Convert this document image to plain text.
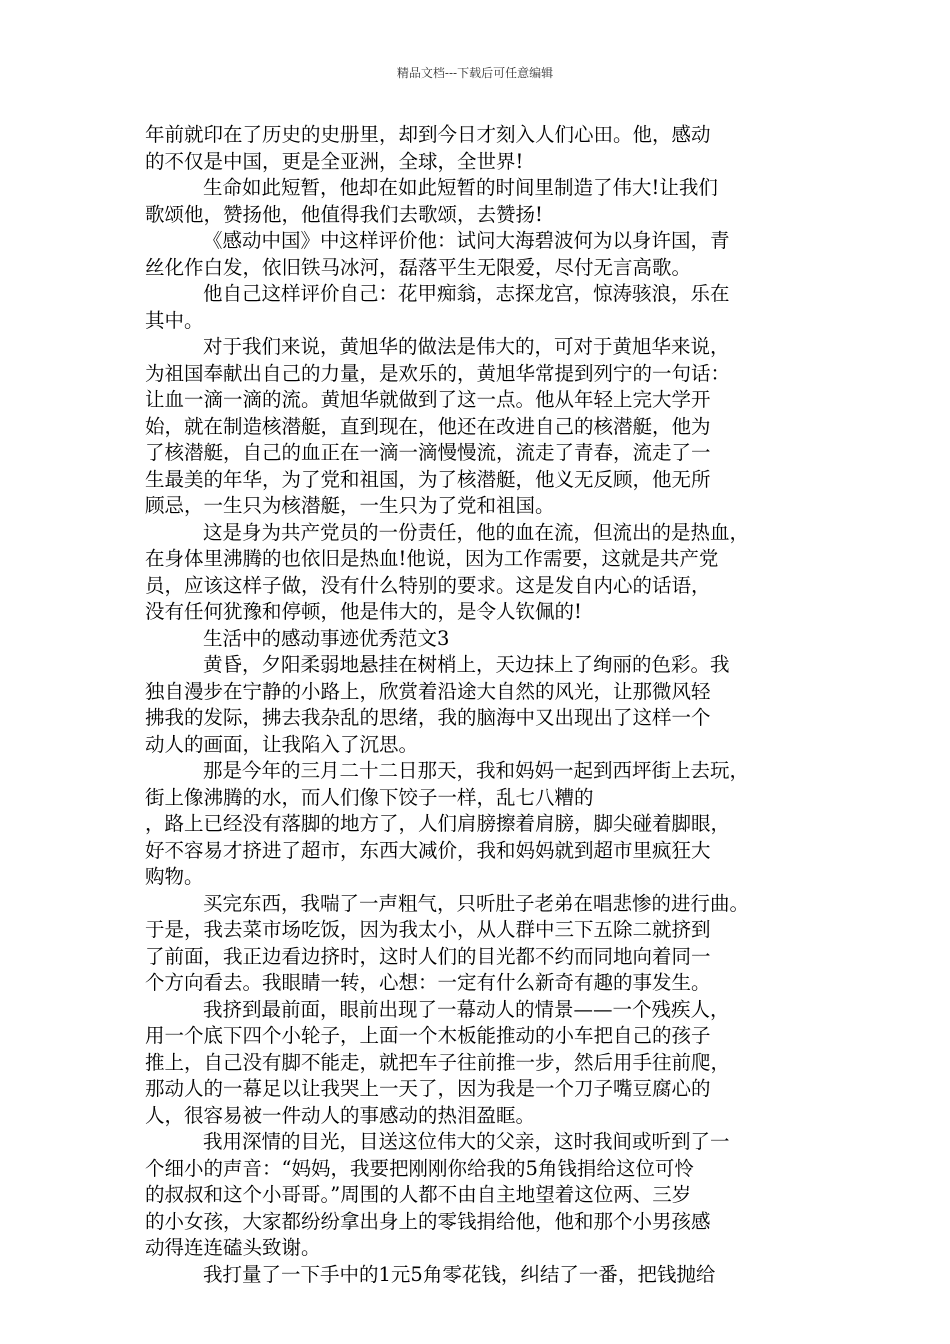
精品文档---下载后可任意编辑
年前就印在了历史的史册里，却到今日才刻入人们心田。他，感动
的不仅是中国，更是全亚洲，全球，全世界!
生命如此短暂，他却在如此短暂的时间里制造了伟大!让我们
歌颂他，赞扬他，他值得我们去歌颂，去赞扬!
《感动中国》中这样评价他：试问大海碧波何为以身许国，青
丝化作白发，依旧铁马冰河，磊落平生无限爱，尽付无言高歌。
他自己这样评价自己：花甲痴翁，志探龙宫，惊涛骇浪，乐在
其中。
对于我们来说，黄旭华的做法是伟大的，可对于黄旭华来说，
为祖国奉献出自己的力量，是欢乐的，黄旭华常提到列宁的一句话：
让血一滴一滴的流。黄旭华就做到了这一点。他从年轻上完大学开
始，就在制造核潜艇，直到现在，他还在改进自己的核潜艇，他为
了核潜艇，自己的血正在一滴一滴慢慢流，流走了青春，流走了一
生最美的年华，为了党和祖国，为了核潜艇，他义无反顾，他无所
顾忌，一生只为核潜艇，一生只为了党和祖国。
这是身为共产党员的一份责任，他的血在流，但流出的是热血，
在身体里沸腾的也依旧是热血!他说，因为工作需要，这就是共产党
员，应该这样子做，没有什么特别的要求。这是发自内心的话语，
没有任何犹豫和停顿，他是伟大的，是令人钦佩的!
生活中的感动事迹优秀范文3
黄昏，夕阳柔弱地悬挂在树梢上，天边抹上了绚丽的色彩。我
独自漫步在宁静的小路上，欣赏着沿途大自然的风光，让那微风轻
拂我的发际，拂去我杂乱的思绪，我的脑海中又出现出了这样一个
动人的画面，让我陷入了沉思。
那是今年的三月二十二日那天，我和妈妈一起到西坪街上去玩，
街上像沸腾的水，而人们像下饺子一样，乱七八糟的
，路上已经没有落脚的地方了，人们肩膀擦着肩膀，脚尖碰着脚眼，
好不容易才挤进了超市，东西大减价，我和妈妈就到超市里疯狂大
购物。
买完东西，我喘了一声粗气，只听肚子老弟在唱悲惨的进行曲。
于是，我去菜市场吃饭，因为我太小，从人群中三下五除二就挤到
了前面，我正边看边挤时，这时人们的目光都不约而同地向着同一
个方向看去。我眼睛一转，心想：一定有什么新奇有趣的事发生。
我挤到最前面，眼前出现了一幕动人的情景——一个残疾人，
用一个底下四个小轮子，上面一个木板能推动的小车把自己的孩子
推上，自己没有脚不能走，就把车子往前推一步，然后用手往前爬，
那动人的一幕足以让我哭上一天了，因为我是一个刀子嘴豆腐心的
人，很容易被一件动人的事感动的热泪盈眶。
我用深情的目光，目送这位伟大的父亲，这时我间或听到了一
个细小的声音：“妈妈，我要把刚刚你给我的5角钱捐给这位可怜
的叔叔和这个小哥哥。”周围的人都不由自主地望着这位两、三岁
的小女孩，大家都纷纷拿出身上的零钱捐给他，他和那个小男孩感
动得连连磕头致谢。
我打量了一下手中的1元5角零花钱，纠结了一番，把钱抛给
